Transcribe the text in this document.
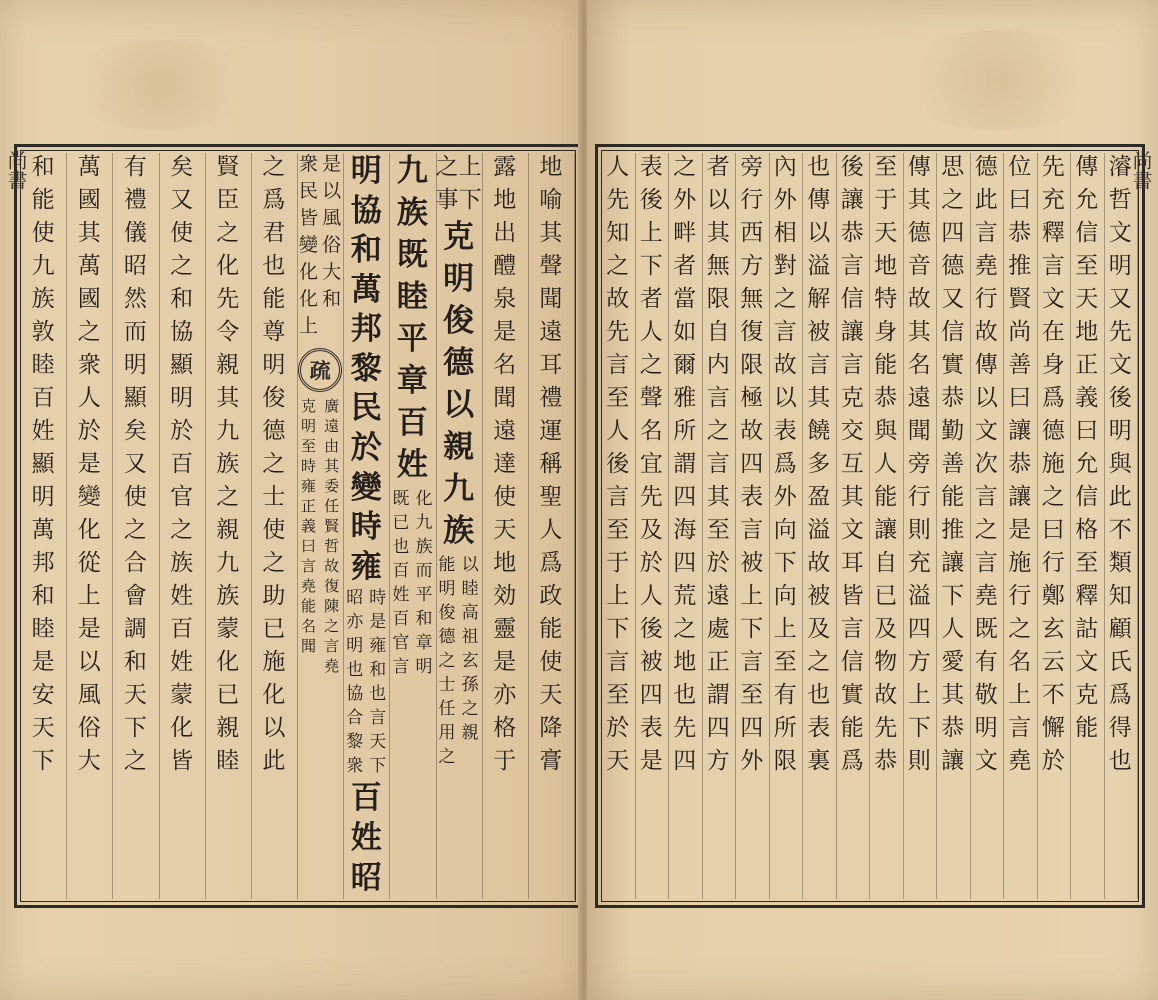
尚書	地
喻
其
聲
聞
遠
耳
禮
運
稱
聖
人
爲
政
能
使
天
降
膏
露
地
出
醴
泉
是
名
聞
遠
達
使
天
地
効
靈
是
亦
格
于
之
事
上
下
克
明
俊
德
以
親
九
族
能
明
俊
德
之
士
任
用
之
以
睦
高
祖
玄
孫
之
親
九
族
既
睦
平
章
百
姓
既
已
也
百
姓
百
官
言
化
九
族
而
平
和
章
明
明
協
和
萬
邦
黎
民
於
變
時
雍
昭
亦
明
也
協
合
黎
衆
時
是
雍
和
也
言
天
下
百
姓
昭
衆
民
皆
變
化
化
上
是
以
風
俗
大
和
疏
克
明
至
時
雍
正
義
曰
言
堯
能
名
聞
廣
遠
由
其
委
任
賢
哲
故
復
陳
之
言
堯
之
爲
君
也
能
尊
明
俊
德
之
士
使
之
助
已
施
化
以
此
賢
臣
之
化
先
令
親
其
九
族
之
親
九
族
蒙
化
已
親
睦
矣
又
使
之
和
協
顯
明
於
百
官
之
族
姓
百
姓
蒙
化
皆
有
禮
儀
昭
然
而
明
顯
矣
又
使
之
合
會
調
和
天
下
之
萬
國
其
萬
國
之
衆
人
於
是
變
化
從
上
是
以
風
俗
大
和
能
使
九
族
敦
睦
百
姓
顯
明
萬
邦
和
睦
是
安
天
下
尚書
濬
哲
文
明
又
先
文
後
明
與
此
不
類
知
顧
氏
爲
得
也
傳
允
信
至
天
地
正
義
曰
允
信
格
至
釋
詁
文
克
能
先
充
釋
言
文
在
身
爲
德
施
之
曰
行
鄭
玄
云
不
懈
於
位
曰
恭
推
賢
尚
善
曰
讓
恭
讓
是
施
行
之
名
上
言
堯
德
此
言
堯
行
故
傳
以
文
次
言
之
言
堯
既
有
敬
明
文
思
之
四
德
又
信
實
恭
勤
善
能
推
讓
下
人
愛
其
恭
讓
傳
其
德
音
故
其
名
遠
聞
旁
行
則
充
溢
四
方
上
下
則
至
于
天
地
特
身
能
恭
與
人
能
讓
自
已
及
物
故
先
恭
後
讓
恭
言
信
讓
言
克
交
互
其
文
耳
皆
言
信
實
能
爲
也
傳
以
溢
解
被
言
其
饒
多
盈
溢
故
被
及
之
也
表
裏
內
外
相
對
之
言
故
以
表
爲
外
向
下
向
上
至
有
所
限
旁
行
西
方
無
復
限
極
故
四
表
言
被
上
下
言
至
四
外
者
以
其
無
限
自
内
言
之
言
其
至
於
遠
處
正
謂
四
方
之
外
畔
者
當
如
爾
雅
所
謂
四
海
四
荒
之
地
也
先
四
表
後
上
下
者
人
之
聲
名
宜
先
及
於
人
後
被
四
表
是
人
先
知
之
故
先
言
至
人
後
言
至
于
上
下
言
至
於
天
